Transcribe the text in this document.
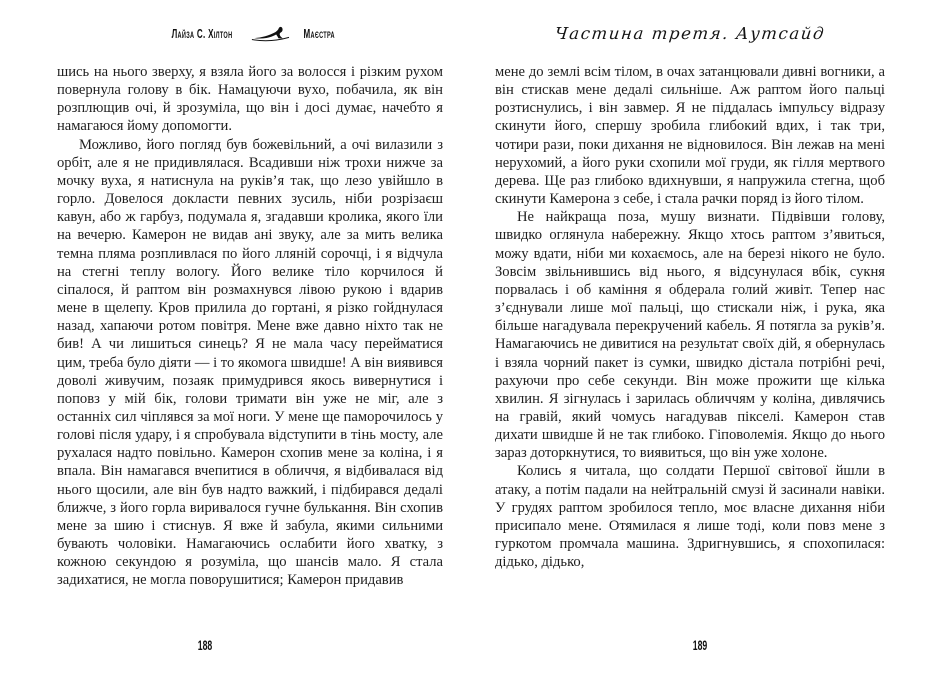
Лайза С. Хілтон	Маєстра

шись на нього зверху, я взяла його за волосся і різким рухом повернула голову в бік. Намацуючи вухо, побачила, як він розплющив очі, й зрозуміла, що він і досі думає, начебто я намагаюся йому допомогти.

Можливо, його погляд був божевільний, а очі вилазили з орбіт, але я не придивлялася. Всадивши ніж трохи нижче за мочку вуха, я натиснула на руків’я так, що лезо увійшло в горло. Довелося докласти певних зусиль, ніби розрізаєш кавун, або ж гарбуз, подумала я, згадавши кролика, якого їли на вечерю. Камерон не видав ані звуку, але за мить велика темна пляма розпливлася по його лляній сорочці, і я відчула на стегні теплу вологу. Його велике тіло корчилося й сіпалося, й раптом він розмахнувся лівою рукою і вдарив мене в щелепу. Кров прилила до гортані, я різко гойднулася назад, хапаючи ротом повітря. Мене вже давно ніхто так не бив! А чи лишиться синець? Я не мала часу перейматися цим, треба було діяти — і то якомога швидше! А він виявився доволі живучим, позаяк примудрився якось вивернутися і поповз у мій бік, голови тримати він уже не міг, але з останніх сил чіплявся за мої ноги. У мене ще паморочилось у голові після удару, і я спробувала відступити в тінь мосту, але рухалася надто повільно. Камерон схопив мене за коліна, і я впала. Він намагався вчепитися в обличчя, я відбивалася від нього щосили, але він був надто важкий, і підбирався дедалі ближче, з його горла виривалося гучне булькання. Він схопив мене за шию і стиснув. Я вже й забула, якими сильними бувають чоловіки. Намагаючись ослабити його хватку, з кожною секундою я розуміла, що шансів мало. Я стала задихатися, не могла поворушитися; Камерон придавив

188
Частина третя. Аутсайд

мене до землі всім тілом, в очах затанцювали дивні вогники, а він стискав мене дедалі сильніше. Аж раптом його пальці розтиснулись, і він завмер. Я не піддалась імпульсу відразу скинути його, спершу зробила глибокий вдих, і так три, чотири рази, поки дихання не відновилося. Він лежав на мені нерухомий, а його руки схопили мої груди, як гілля мертвого дерева. Ще раз глибоко вдихнувши, я напружила стегна, щоб скинути Камерона з себе, і стала рачки поряд із його тілом.

Не найкраща поза, мушу визнати. Підвівши голову, швидко оглянула набережну. Якщо хтось раптом з’явиться, можу вдати, ніби ми кохаємось, але на березі нікого не було. Зовсім звільнившись від нього, я відсунулася вбік, сукня порвалась і об каміння я обдерала голий живіт. Тепер нас з’єднували лише мої пальці, що стискали ніж, і рука, яка більше нагадувала перекручений кабель. Я потягла за руків’я. Намагаючись не дивитися на результат своїх дій, я обернулась і взяла чорний пакет із сумки, швидко дістала потрібні речі, рахуючи про себе секунди. Він може прожити ще кілька хвилин. Я зігнулась і зарилась обличчям у коліна, дивлячись на гравій, який чомусь нагадував пікселі. Камерон став дихати швидше й не так глибоко. Гіповолемія. Якщо до нього зараз доторкнутися, то виявиться, що він уже холоне.

Колись я читала, що солдати Першої світової йшли в атаку, а потім падали на нейтральній смузі й засинали навіки. У грудях раптом зробилося тепло, моє власне дихання ніби присипало мене. Отямилася я лише тоді, коли повз мене з гуркотом промчала машина. Здригнувшись, я спохопилася: дідько, дідько,

189
